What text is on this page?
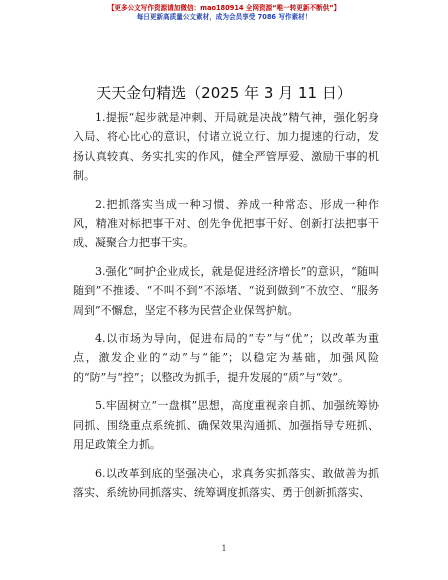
【更多公文写作资源请加微信：mao180914 全网资源“唯一转更新不断供”】
每日更新高质量公文素材，成为会员享受 7086 写作素材！
天天金句精选（2025 年 3 月 11 日）

1.提振“起步就是冲刺、开局就是决战”精气神，强化躬身入局、将心比心的意识，付诸立说立行、加力提速的行动，发扬认真较真、务实扎实的作风，健全严管厚爱、激励干事的机制。

2.把抓落实当成一种习惯、养成一种常态、形成一种作风，精准对标把事干对、创先争优把事干好、创新打法把事干成、凝聚合力把事干实。

3.强化“呵护企业成长，就是促进经济增长”的意识，“随叫随到”不推诿、“不叫不到”不添堵、“说到做到”不放空、“服务周到”不懈怠，坚定不移为民营企业保驾护航。

4.以市场为导向，促进布局的“专”与“优”；以改革为重点，激发企业的“动”与“能”；以稳定为基础，加强风险的“防”与“控”；以整改为抓手，提升发展的“质”与“效”。

5.牢固树立“一盘棋”思想，高度重视亲自抓、加强统筹协同抓、围绕重点系统抓、确保效果沟通抓、加强指导专班抓、用足政策全力抓。

6.以改革到底的坚强决心，求真务实抓落实、敢做善为抓落实、系统协同抓落实、统筹调度抓落实、勇于创新抓落实、

1
